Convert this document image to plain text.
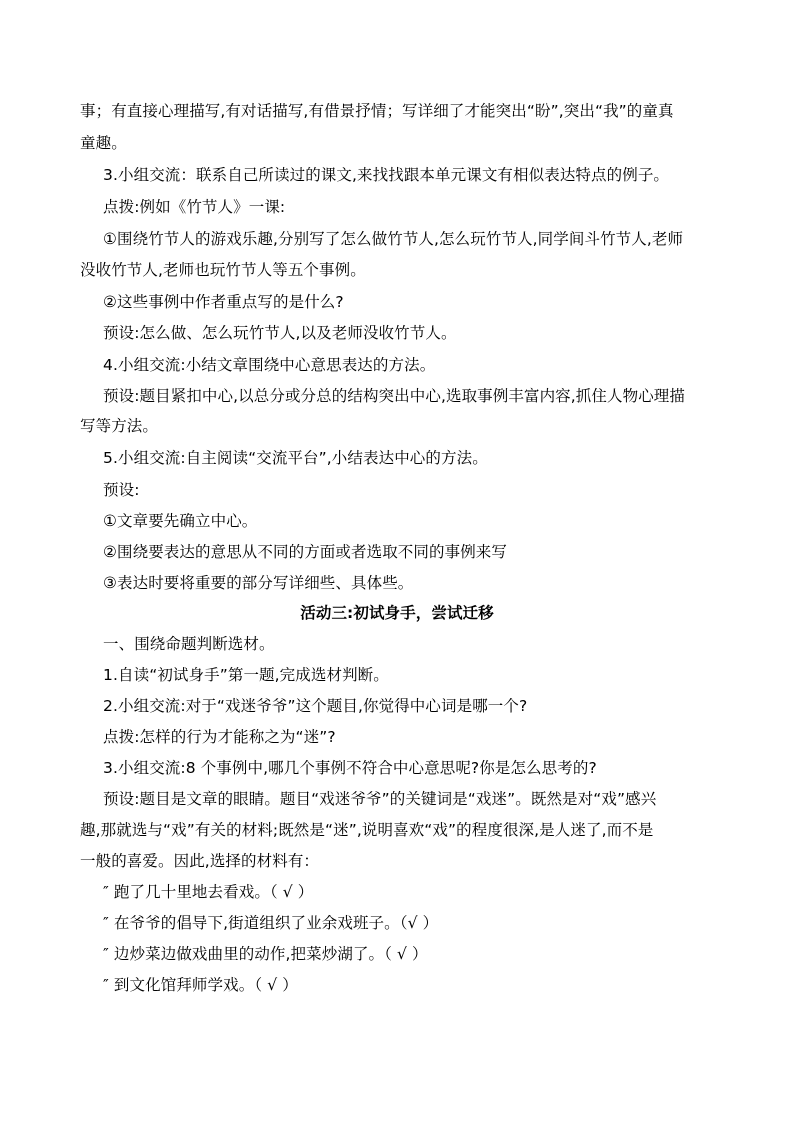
事；有直接心理描写,有对话描写,有借景抒情；写详细了才能突出“盼”,突出“我”的童真
童趣。
3.小组交流：联系自己所读过的课文,来找找跟本单元课文有相似表达特点的例子。
点拨:例如《竹节人》一课:
①围绕竹节人的游戏乐趣,分别写了怎么做竹节人,怎么玩竹节人,同学间斗竹节人,老师
没收竹节人,老师也玩竹节人等五个事例。
②这些事例中作者重点写的是什么?
预设:怎么做、怎么玩竹节人,以及老师没收竹节人。
4.小组交流:小结文章围绕中心意思表达的方法。
预设:题目紧扣中心,以总分或分总的结构突出中心,选取事例丰富内容,抓住人物心理描
写等方法。
5.小组交流:自主阅读“交流平台”,小结表达中心的方法。
预设:
①文章要先确立中心。
②围绕要表达的意思从不同的方面或者选取不同的事例来写
③表达时要将重要的部分写详细些、具体些。
活动三:初试身手，尝试迁移
一、围绕命题判断选材。
1.自读“初试身手”第一题,完成选材判断。
2.小组交流:对于“戏迷爷爷”这个题目,你觉得中心词是哪一个?
点拨:怎样的行为才能称之为“迷”?
3.小组交流:8 个事例中,哪几个事例不符合中心意思呢?你是怎么思考的?
预设:题目是文章的眼睛。题目“戏迷爷爷”的关键词是“戏迷”。既然是对“戏”感兴
趣,那就选与“戏”有关的材料;既然是“迷”,说明喜欢“戏”的程度很深,是人迷了,而不是
一般的喜爱。因此,选择的材料有：
″ 跑了几十里地去看戏。（ √ ）
″ 在爷爷的倡导下,街道组织了业余戏班子。（√ ）
″ 边炒菜边做戏曲里的动作,把菜炒湖了。（ √ ）
″ 到文化馆拜师学戏。（ √ ）
